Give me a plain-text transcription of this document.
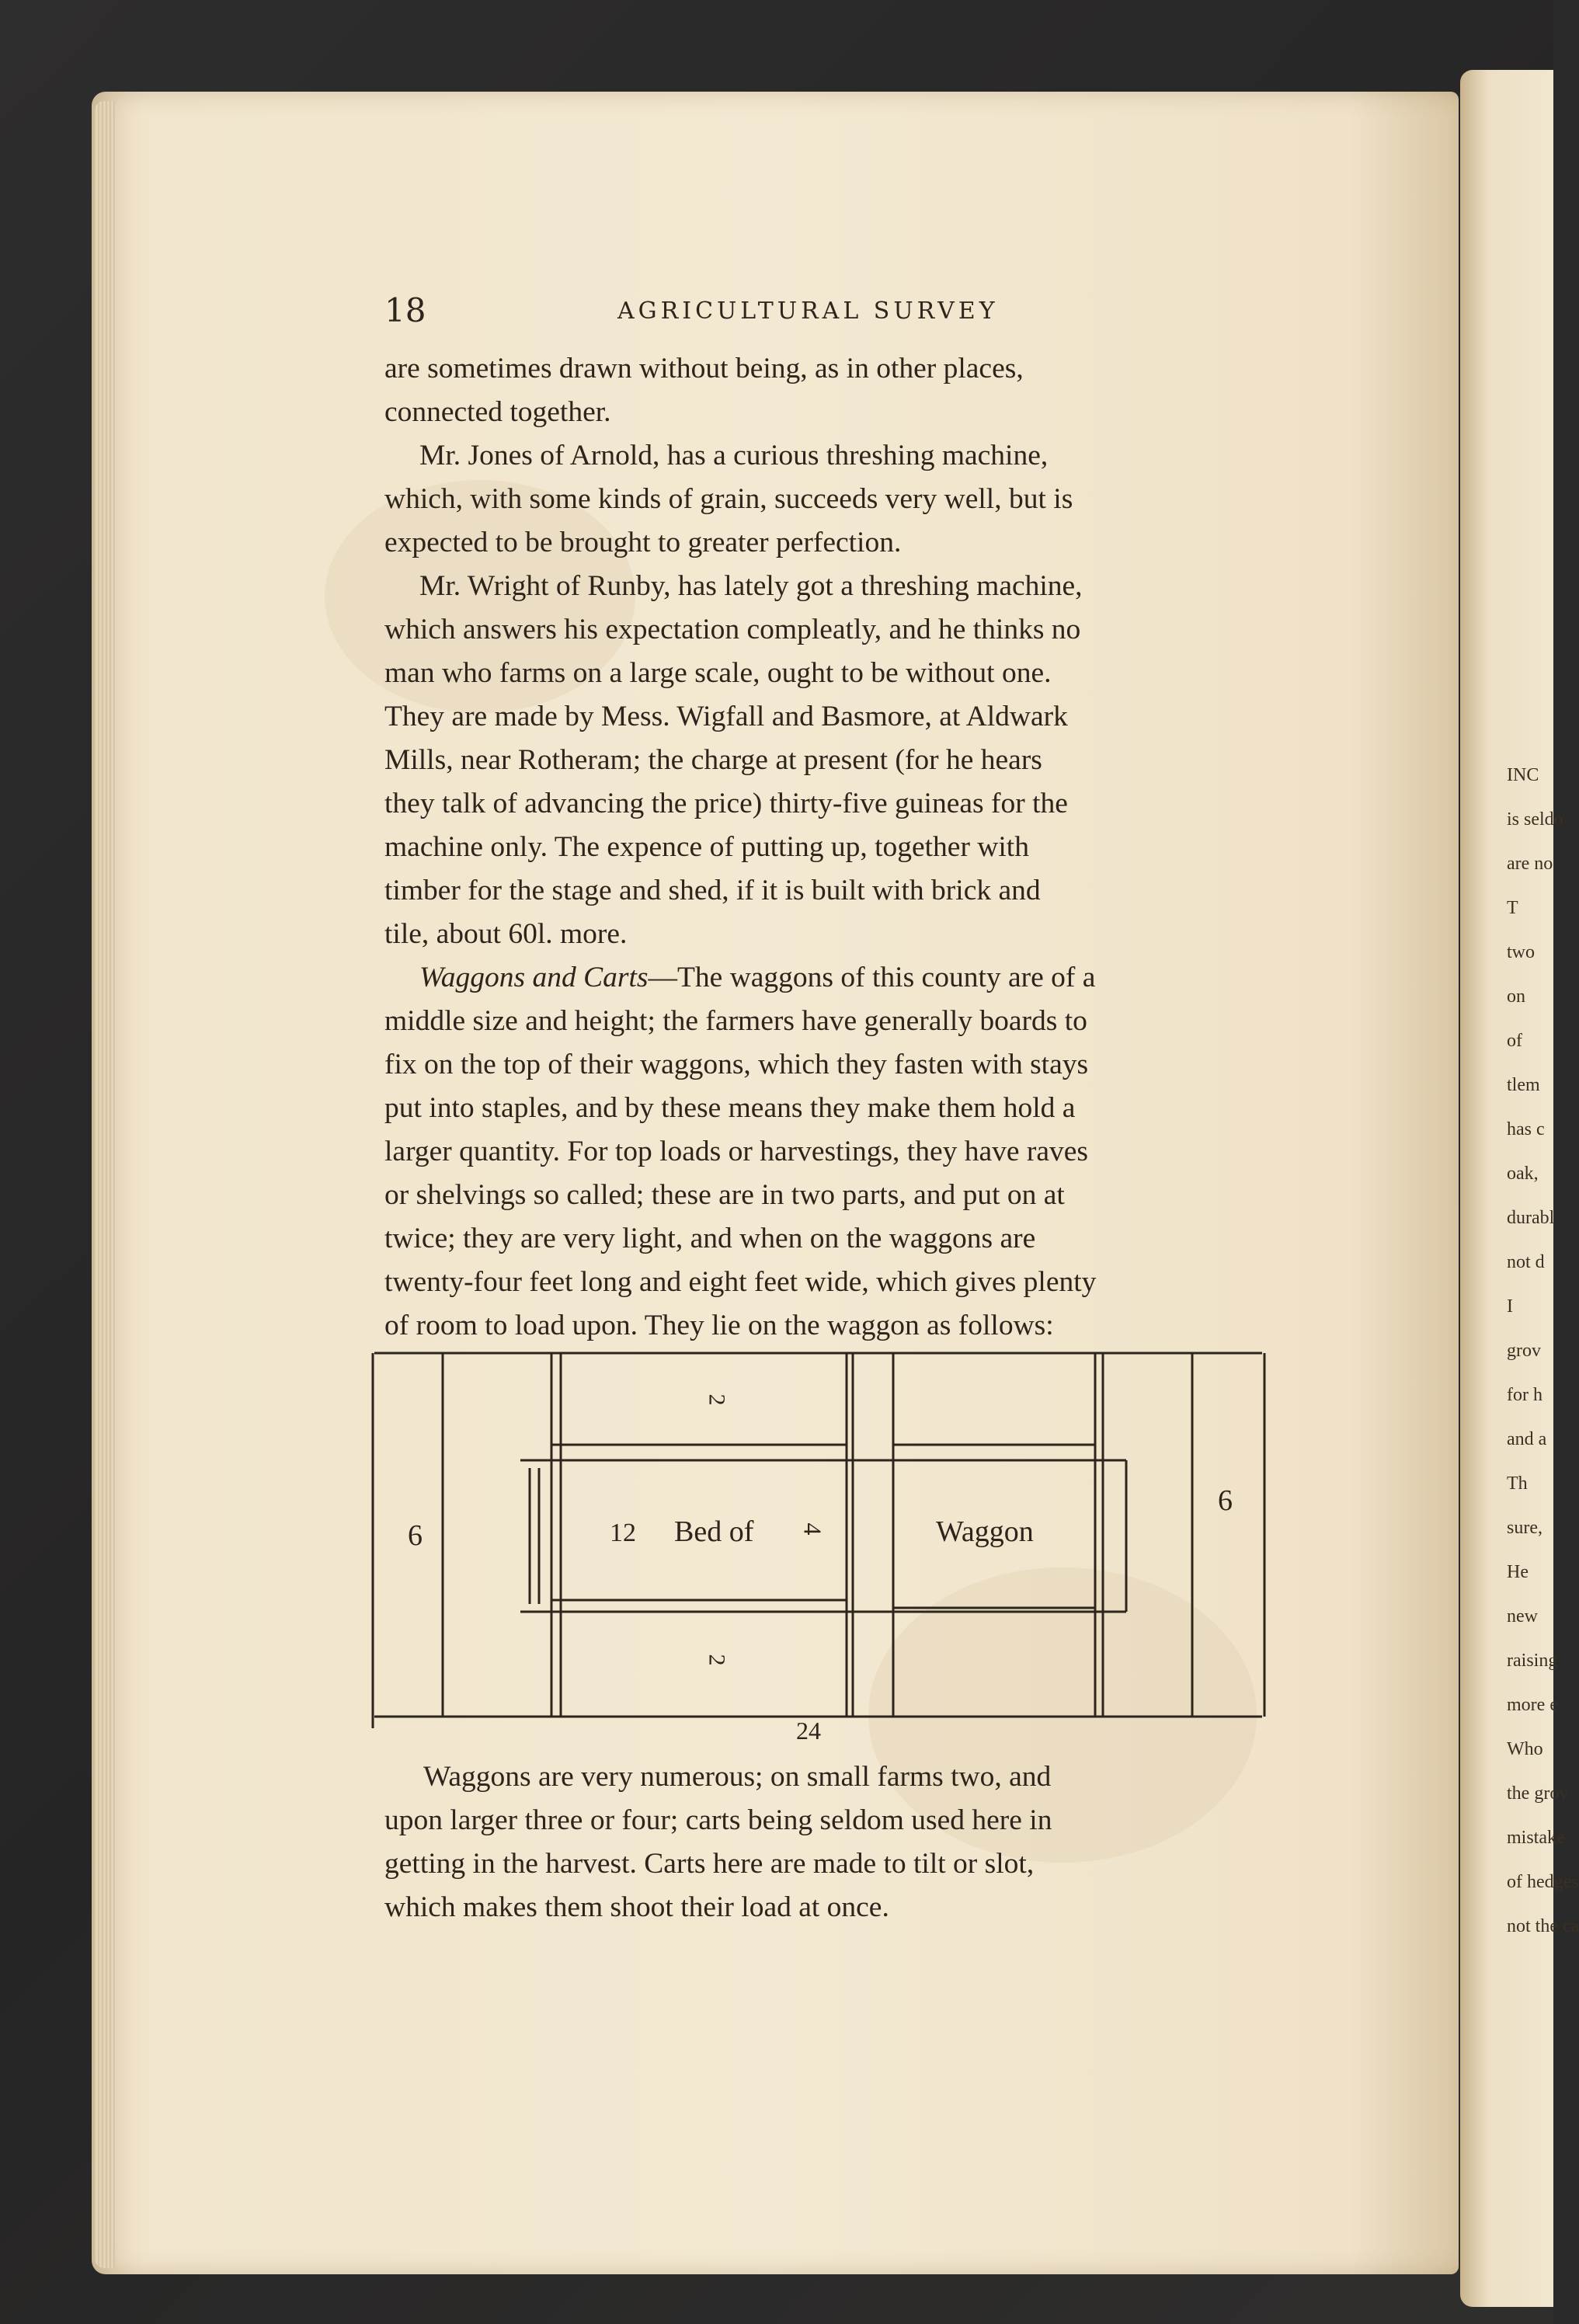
INC
is seldo
are no
T
two
on
of
tlem
has c
oak,
durabl
not d
I
grov
for h
and a
Th
sure,
He
new
raising
more e
Who
the grov
mistake
of hedges
not the ca
18	AGRICULTURAL SURVEY
are sometimes drawn without being, as in other places,
connected together.
Mr. Jones of Arnold, has a curious threshing machine,
which, with some kinds of grain, succeeds very well, but is
expected to be brought to greater perfection.
Mr. Wright of Runby, has lately got a threshing machine,
which answers his expectation compleatly, and he thinks no
man who farms on a large scale, ought to be without one.
They are made by Mess. Wigfall and Basmore, at Aldwark
Mills, near Rotheram; the charge at present (for he hears
they talk of advancing the price) thirty-five guineas for the
machine only. The expence of putting up, together with
timber for the stage and shed, if it is built with brick and
tile, about 60l. more.
Waggons and Carts—The waggons of this county are of a
middle size and height; the farmers have generally boards to
fix on the top of their waggons, which they fasten with stays
put into staples, and by these means they make them hold a
larger quantity. For top loads or harvestings, they have raves
or shelvings so called; these are in two parts, and put on at
twice; they are very light, and when on the waggons are
twenty-four feet long and eight feet wide, which gives plenty
of room to load upon. They lie on the waggon as follows:
Waggons are very numerous; on small farms two, and
upon larger three or four; carts being seldom used here in
getting in the harvest. Carts here are made to tilt or slot,
which makes them shoot their load at once.
6
6
24
2
2
12 Bed of 4	Waggon
